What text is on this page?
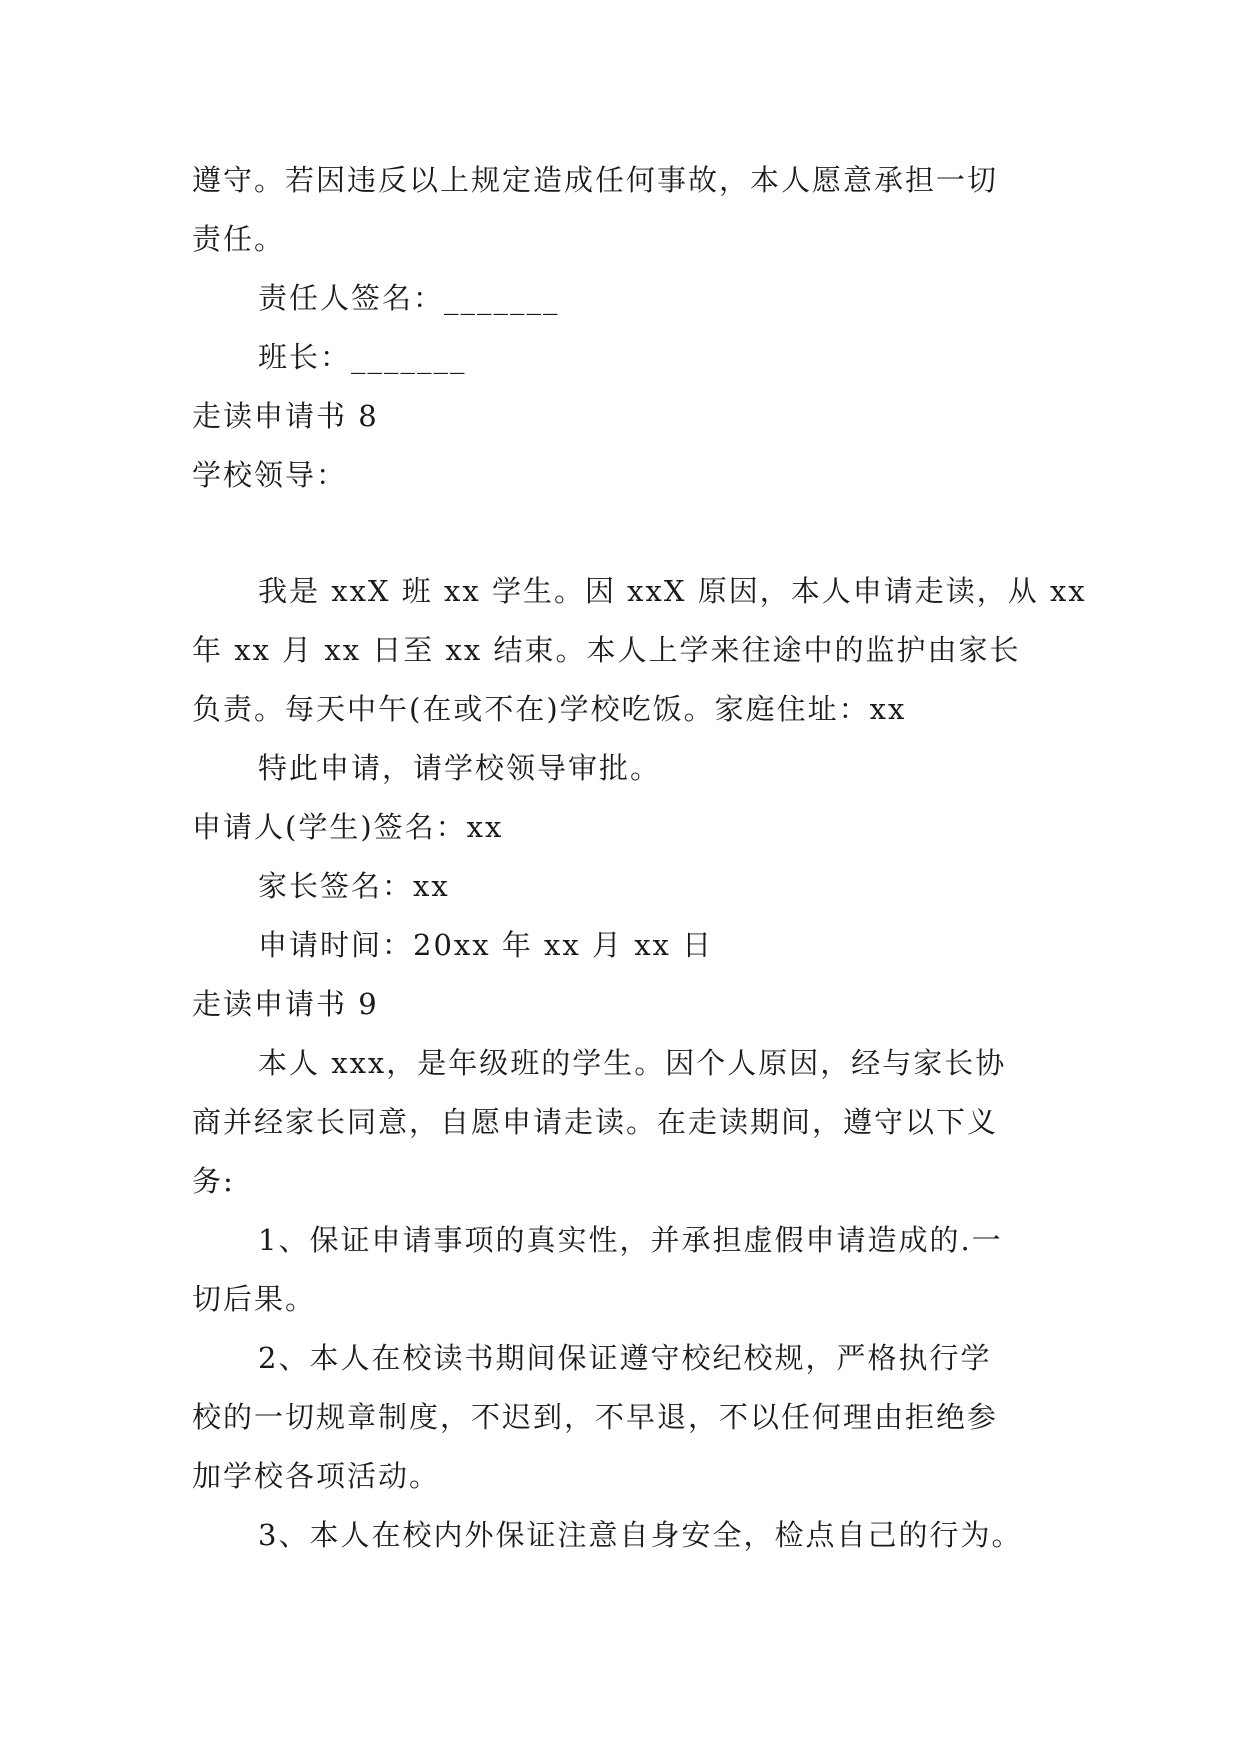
遵守。若因违反以上规定造成任何事故，本人愿意承担一切
责任。
责任人签名：_______
班长：_______
走读申请书 8
学校领导：
我是 xxX 班 xx 学生。因 xxX 原因，本人申请走读，从 xx
年 xx 月 xx 日至 xx 结束。本人上学来往途中的监护由家长
负责。每天中午(在或不在)学校吃饭。家庭住址：xx
特此申请，请学校领导审批。
申请人(学生)签名：xx
家长签名：xx
申请时间：20xx 年 xx 月 xx 日
走读申请书 9
本人 xxx，是年级班的学生。因个人原因，经与家长协
商并经家长同意，自愿申请走读。在走读期间，遵守以下义
务:
1、保证申请事项的真实性，并承担虚假申请造成的.一
切后果。
2、本人在校读书期间保证遵守校纪校规，严格执行学
校的一切规章制度，不迟到，不早退，不以任何理由拒绝参
加学校各项活动。
3、本人在校内外保证注意自身安全，检点自己的行为。
